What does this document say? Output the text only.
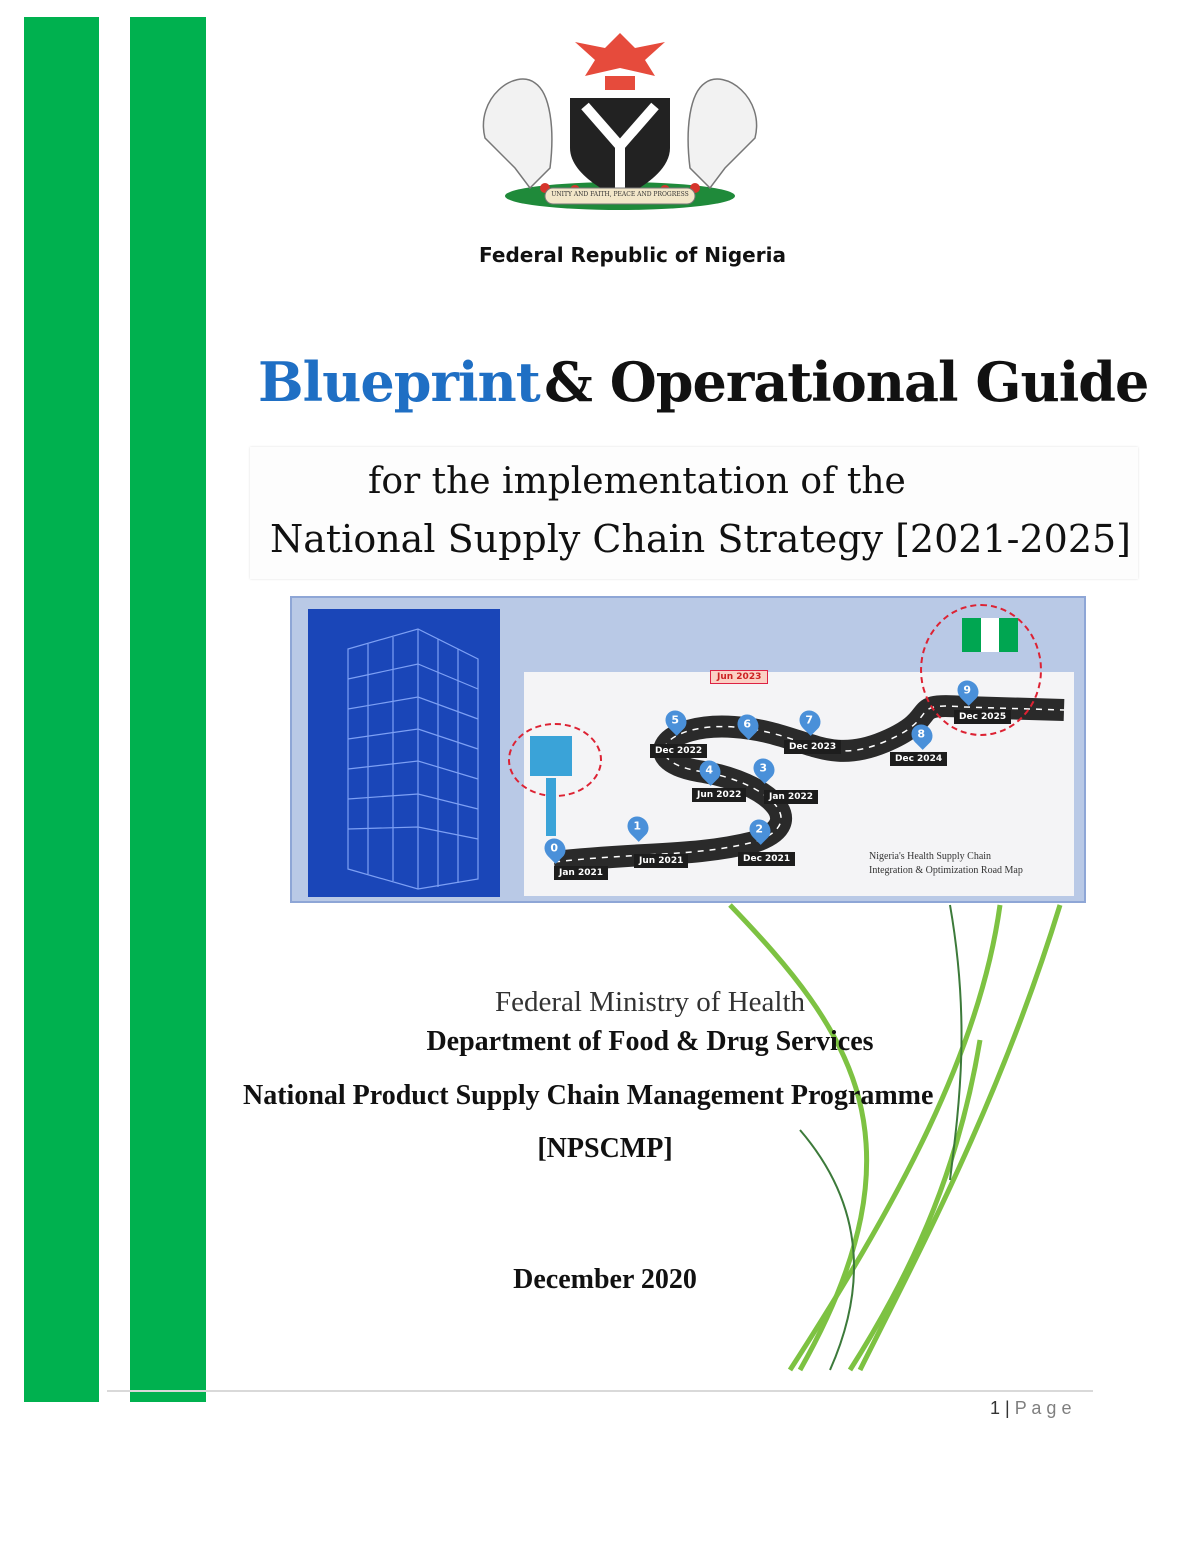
UNITY AND FAITH, PEACE AND PROGRESS
Federal Republic of Nigeria
Blueprint & Operational Guide
for the implementation of the
National Supply Chain Strategy [2021-2025]
Nigeria's Health Supply Chain
Integration & Optimization Road Map
Jun 2023
0
Jan 2021
1
Jun 2021
2
Dec 2021
3
Jan 2022
4
Jun 2022
5
Dec 2022
6	7
Dec 2023
8
Dec 2024
9
Dec 2025
Federal Ministry of Health
Department of Food & Drug Services
National Product Supply Chain Management Programme
[NPSCMP]
December 2020
1 | P a g e
